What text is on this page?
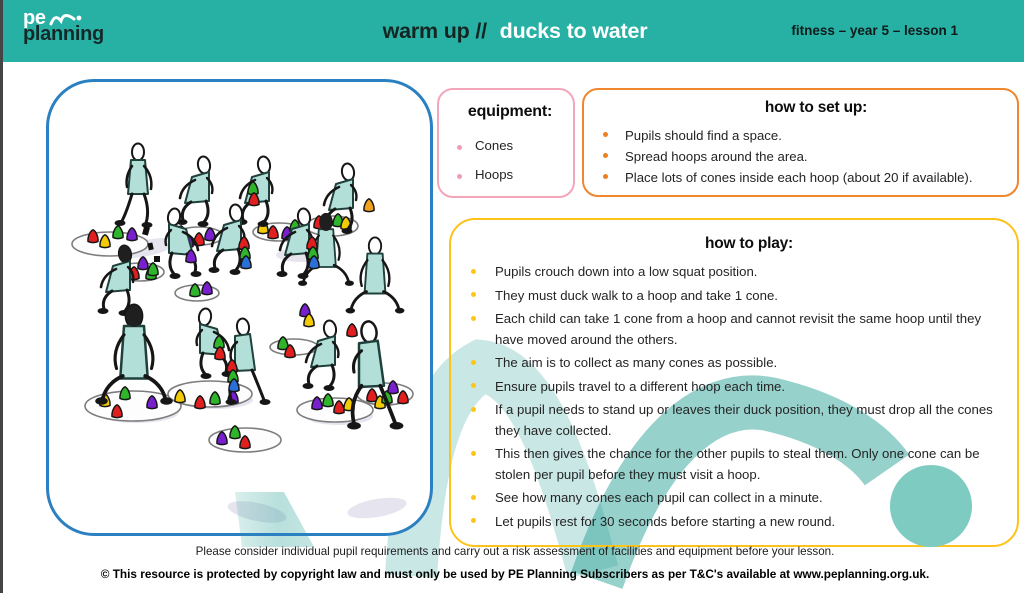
pe
planning	warm up // ducks to water	fitness – year 5 – lesson 1
equipment:
Cones
Hoops
how to set up:
Pupils should find a space.
Spread hoops around the area.
Place lots of cones inside each hoop (about 20 if available).
how to play:
Pupils crouch down into a low squat position.
They must duck walk to a hoop and take 1 cone.
Each child can take 1 cone from a hoop and cannot revisit the same hoop until they have moved around the others.
The aim is to collect as many cones as possible.
Ensure pupils travel to a different hoop each time.
If a pupil needs to stand up or leaves their duck position, they must drop all the cones they have collected.
This then gives the chance for the other pupils to steal them. Only one cone can be stolen per pupil before they must visit a hoop.
See how many cones each pupil can collect in a minute.
Let pupils rest for 30 seconds before starting a new round.
Please consider individual pupil requirements and carry out a risk assessment of facilities and equipment before your lesson.
© This resource is protected by copyright law and must only be used by PE Planning Subscribers as per T&C's available at www.peplanning.org.uk.
